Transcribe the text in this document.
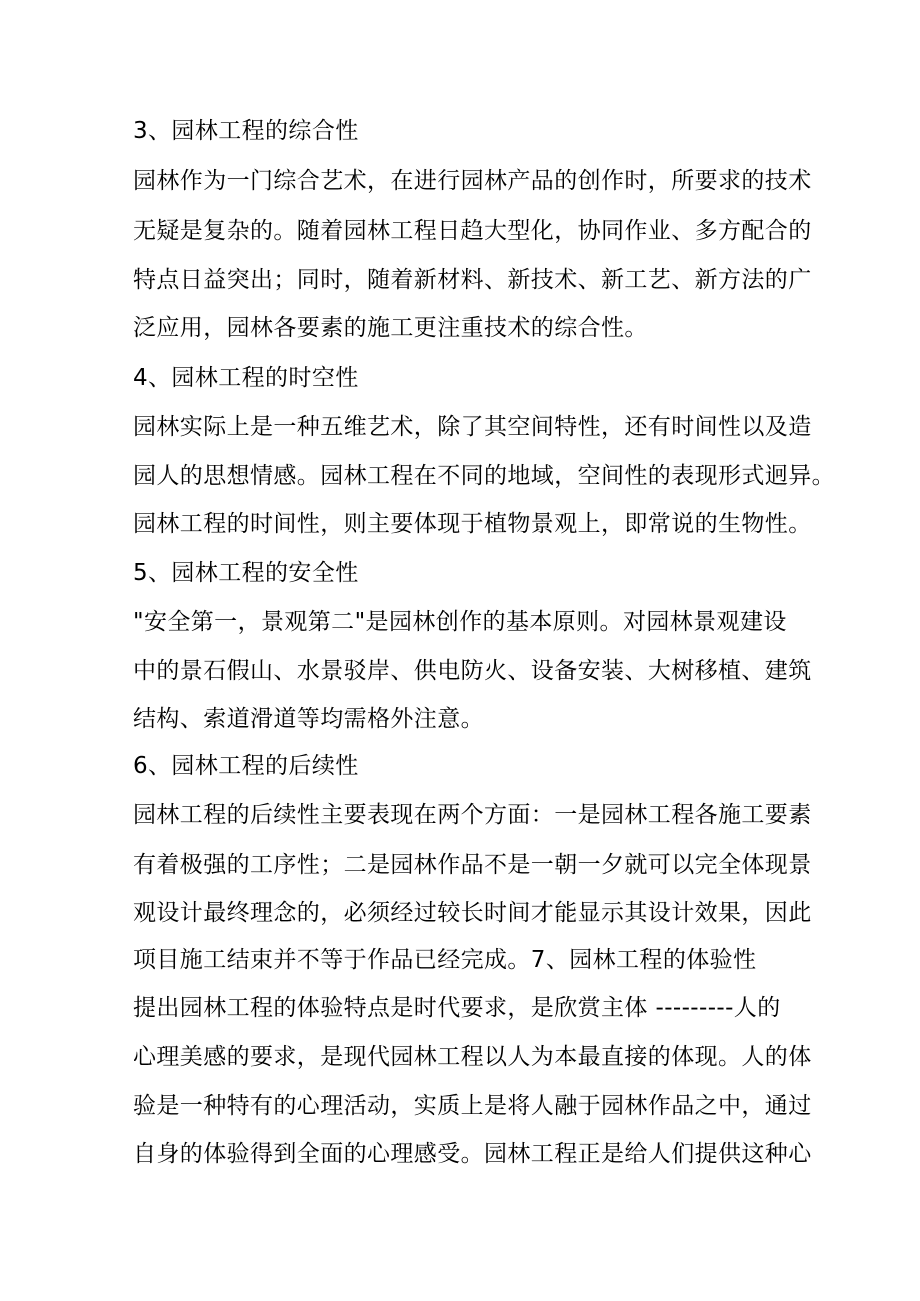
3、园林工程的综合性
园林作为一门综合艺术，在进行园林产品的创作时，所要求的技术
无疑是复杂的。随着园林工程日趋大型化，协同作业、多方配合的
特点日益突出；同时，随着新材料、新技术、新工艺、新方法的广
泛应用，园林各要素的施工更注重技术的综合性。
4、园林工程的时空性
园林实际上是一种五维艺术，除了其空间特性，还有时间性以及造
园人的思想情感。园林工程在不同的地域，空间性的表现形式迥异。
园林工程的时间性，则主要体现于植物景观上，即常说的生物性。
5、园林工程的安全性
"安全第一，景观第二"是园林创作的基本原则。对园林景观建设
中的景石假山、水景驳岸、供电防火、设备安装、大树移植、建筑
结构、索道滑道等均需格外注意。
6、园林工程的后续性
园林工程的后续性主要表现在两个方面：一是园林工程各施工要素
有着极强的工序性；二是园林作品不是一朝一夕就可以完全体现景
观设计最终理念的，必须经过较长时间才能显示其设计效果，因此
项目施工结束并不等于作品已经完成。7、园林工程的体验性
提出园林工程的体验特点是时代要求，是欣赏主体 ---------人的
心理美感的要求，是现代园林工程以人为本最直接的体现。人的体
验是一种特有的心理活动，实质上是将人融于园林作品之中，通过
自身的体验得到全面的心理感受。园林工程正是给人们提供这种心
